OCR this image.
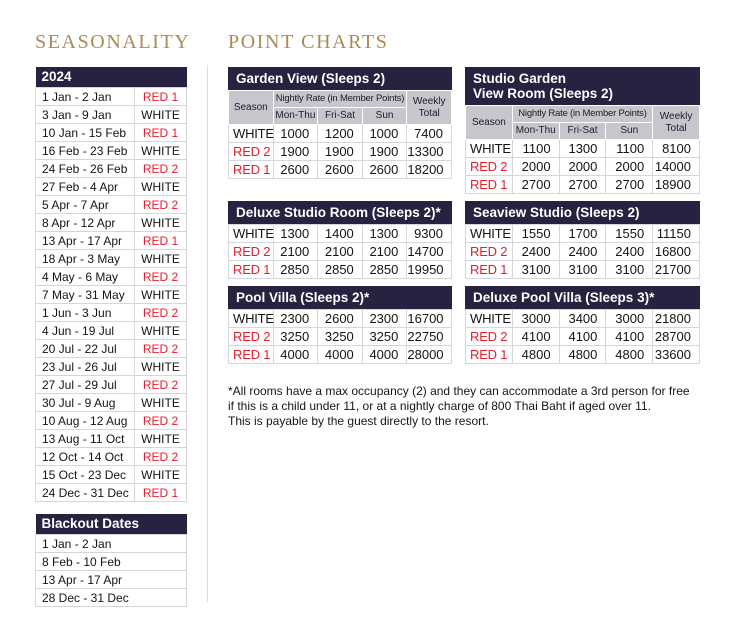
SEASONALITY
2024	
1 Jan - 2 Jan	RED 1
3 Jan - 9 Jan	WHITE
10 Jan - 15 Feb	RED 1
16 Feb - 23 Feb	WHITE
24 Feb - 26 Feb	RED 2
27 Feb - 4 Apr	WHITE
5 Apr - 7 Apr	RED 2
8 Apr - 12 Apr	WHITE
13 Apr - 17 Apr	RED 1
18 Apr - 3 May	WHITE
4 May - 6 May	RED 2
7 May - 31 May	WHITE
1 Jun - 3 Jun	RED 2
4 Jun - 19 Jul	WHITE
20 Jul - 22 Jul	RED 2
23 Jul - 26 Jul	WHITE
27 Jul - 29 Jul	RED 2
30 Jul - 9 Aug	WHITE
10 Aug - 12 Aug	RED 2
13 Aug - 11 Oct	WHITE
12 Oct - 14 Oct	RED 2
15 Oct - 23 Dec	WHITE
24 Dec - 31 Dec	RED 1
Blackout Dates
1 Jan - 2 Jan
8 Feb - 10 Feb
13 Apr - 17 Apr
28 Dec - 31 Dec
POINT CHARTS
Garden View (Sleeps 2)
Season	Nightly Rate (in Member Points)			Weekly Total
	Mon-Thu	Fri-Sat	Sun	
WHITE	1000	1200	1000	7400
RED 2	1900	1900	1900	13300
RED 1	2600	2600	2600	18200
Studio Garden
View Room (Sleeps 2)
Season	Nightly Rate (in Member Points)			Weekly Total
	Mon-Thu	Fri-Sat	Sun	
WHITE	1100	1300	1100	8100
RED 2	2000	2000	2000	14000
RED 1	2700	2700	2700	18900
Deluxe Studio Room (Sleeps 2)*
WHITE	1300	1400	1300	9300
RED 2	2100	2100	2100	14700
RED 1	2850	2850	2850	19950
Seaview Studio (Sleeps 2)
WHITE	1550	1700	1550	11150
RED 2	2400	2400	2400	16800
RED 1	3100	3100	3100	21700
Pool Villa (Sleeps 2)*
WHITE	2300	2600	2300	16700
RED 2	3250	3250	3250	22750
RED 1	4000	4000	4000	28000
Deluxe Pool Villa (Sleeps 3)*
WHITE	3000	3400	3000	21800
RED 2	4100	4100	4100	28700
RED 1	4800	4800	4800	33600
*All rooms have a max occupancy (2) and they can accommodate a 3rd person for free
if this is a child under 11, or at a nightly charge of 800 Thai Baht if aged over 11.
This is payable by the guest directly to the resort.
